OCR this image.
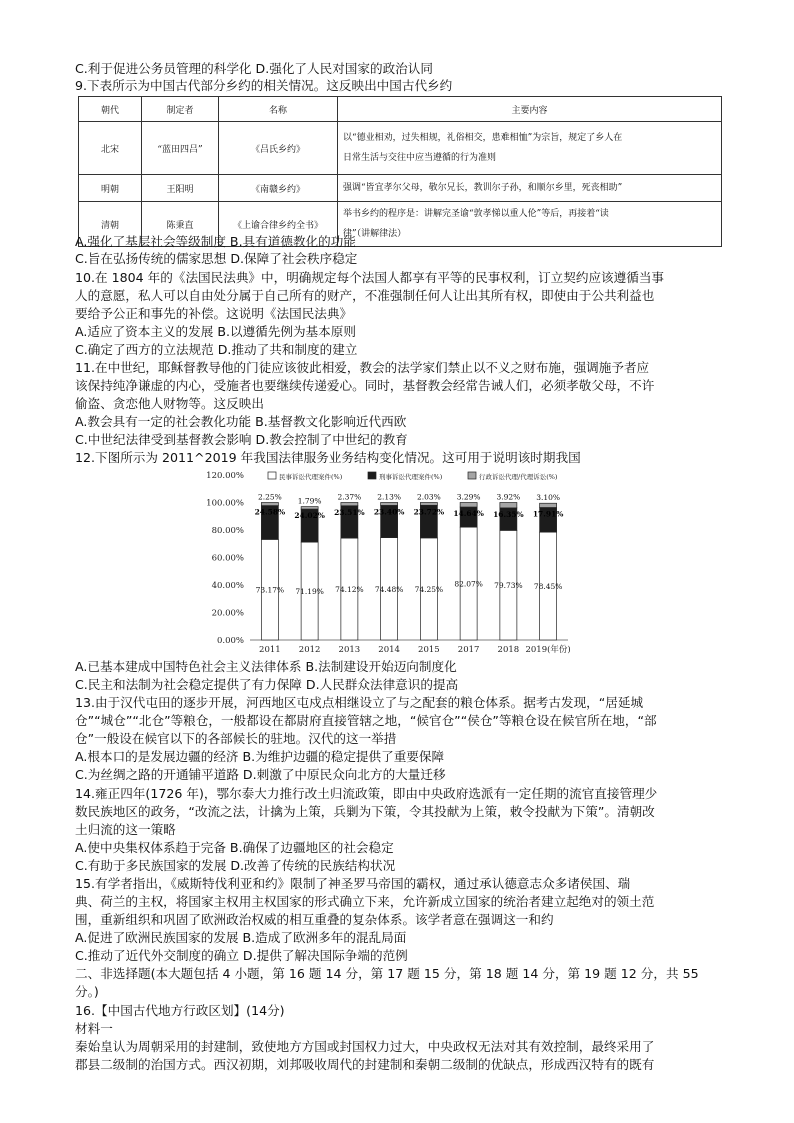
C.利于促进公务员管理的科学化 D.强化了人民对国家的政治认同
9.下表所示为中国古代部分乡约的相关情况。这反映出中国古代乡约
朝代	制定者	名称	主要内容
北宋	“蓝田四吕”	《吕氏乡约》	以“德业相劝，过失相规，礼俗相交，患难相恤”为宗旨，规定了乡人在
日常生活与交往中应当遵循的行为准则

明朝	王阳明	《南赣乡约》	强调“皆宜孝尔父母，敬尔兄长，教训尔子孙，和顺尔乡里，死丧相助”

清朝	陈秉直	《上谕合律乡约全书》	举书乡约的程序是：讲解完圣谕“敦孝悌以重人伦”等后，再接着“读
律”（讲解律法）
A.强化了基层社会等级制度 B.具有道德教化的功能
C.旨在弘扬传统的儒家思想 D.保障了社会秩序稳定
10.在 1804 年的《法国民法典》中，明确规定每个法国人都享有平等的民事权利，订立契约应该遵循当事
人的意愿，私人可以自由处分属于自己所有的财产，不准强制任何人让出其所有权，即使由于公共利益也
要给予公正和事先的补偿。这说明《法国民法典》
A.适应了资本主义的发展 B.以遵循先例为基本原则
C.确定了西方的立法规范 D.推动了共和制度的建立
11.在中世纪，耶稣督教导他的门徒应该彼此相爱，教会的法学家们禁止以不义之财布施，强调施予者应
该保持纯净谦虚的内心，受施者也要继续传递爱心。同时，基督教会经常告诫人们，必须孝敬父母，不许
偷盗、贪恋他人财物等。这反映出
A.教会具有一定的社会教化功能 B.基督教文化影响近代西欧
C.中世纪法律受到基督教会影响 D.教会控制了中世纪的教育
12.下图所示为 2011^2019 年我国法律服务业务结构变化情况。这可用于说明该时期我国
0.00%
20.00%
40.00%
60.00%
80.00%
100.00%
120.00%	民事诉讼代理案件(%)	刑事诉讼代理案件(%)	行政诉讼代理/代理诉讼(%)
73.17%
24.58%
2.25%
2011
71.19%
24.02%
1.79%
2012
74.12%
23.51%
2.37%
2013
74.48%
23.40%
2.13%
2014
74.25%
23.72%
2.03%
2015
82.07%
14.64%
3.29%
2017
79.73%
16.35%
3.92%
2018
78.45%
17.91%
3.10%
2019(年份)
A.已基本建成中国特色社会主义法律体系 B.法制建设开始迈向制度化
C.民主和法制为社会稳定提供了有力保障 D.人民群众法律意识的提高
13.由于汉代屯田的逐步开展，河西地区屯戍点相继设立了与之配套的粮仓体系。据考古发现，“居延城
仓”“城仓”“北仓”等粮仓，一般都设在都尉府直接管辖之地，“候官仓”“侯仓”等粮仓设在候官所在地，“部
仓”一般设在候官以下的各部候长的驻地。汉代的这一举措
A.根本口的是发展边疆的经济 B.为维护边疆的稳定提供了重要保障
C.为丝绸之路的开通铺平道路 D.刺激了中原民众向北方的大量迁移
14.雍正四年(1726 年)，鄂尔泰大力推行改土归流政策，即由中央政府选派有一定任期的流官直接管理少
数民族地区的政务，“改流之法，计擒为上策，兵剿为下策，令其投献为上策，敕令投献为下策”。清朝改
土归流的这一策略
A.使中央集权体系趋于完备 B.确保了边疆地区的社会稳定
C.有助于多民族国家的发展 D.改善了传统的民族结构状况
15.有学者指出，《威斯特伐利亚和约》限制了神圣罗马帝国的霸权，通过承认德意志众多诸侯国、瑞
典、荷兰的主权，将国家主权用主权国家的形式确立下来，允许新成立国家的统治者建立起绝对的领土范
围，重新组织和巩固了欧洲政治权威的相互重叠的复杂体系。该学者意在强调这一和约
A.促进了欧洲民族国家的发展 B.造成了欧洲多年的混乱局面
C.推动了近代外交制度的确立 D.提供了解决国际争端的范例
二、非选择题(本大题包括 4 小题，第 16 题 14 分，第 17 题 15 分，第 18 题 14 分，第 19 题 12 分，共 55
分。)
16.【中国古代地方行政区划】(14分)
材料一
秦始皇认为周朝采用的封建制，致使地方方国或封国权力过大，中央政权无法对其有效控制，最终采用了
郡县二级制的治国方式。西汉初期，刘邦吸收周代的封建制和秦朝二级制的优缺点，形成西汉特有的既有
